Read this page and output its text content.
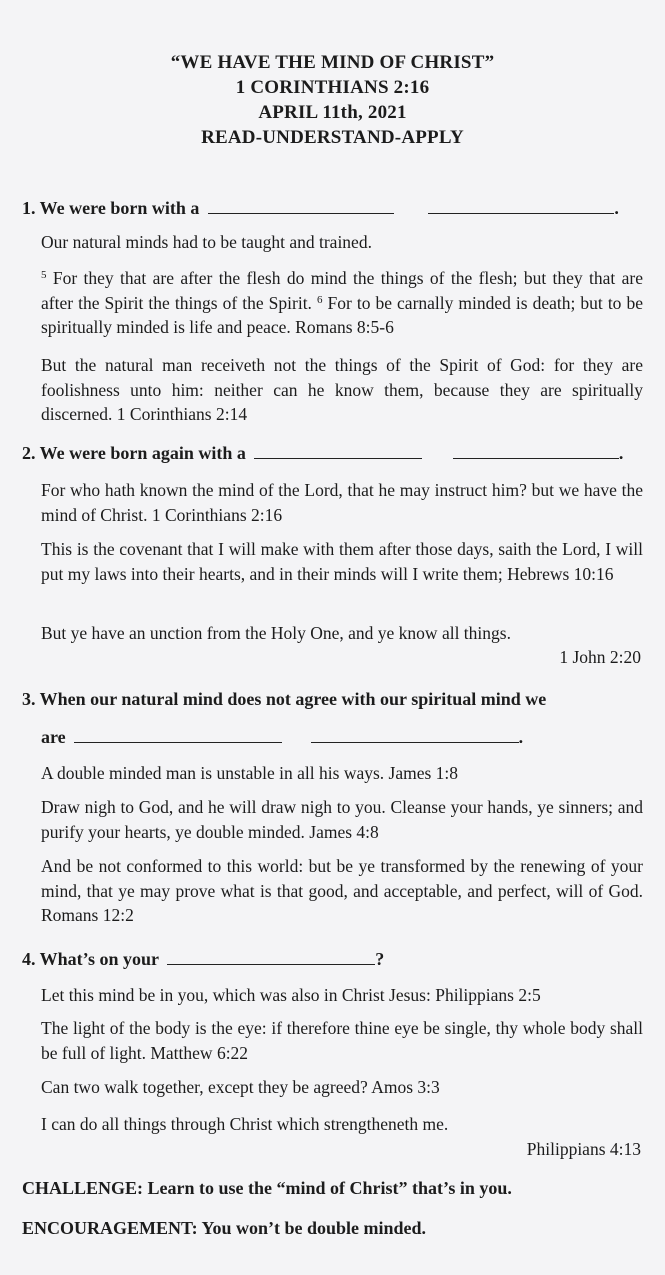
“WE HAVE THE MIND OF CHRIST”
1 CORINTHIANS 2:16
APRIL 11th, 2021
READ-UNDERSTAND-APPLY
1. We were born with a	.
Our natural minds had to be taught and trained.
$^5$ For they that are after the flesh do mind the things of the flesh; but they that are after the Spirit the things of the Spirit. $^6$ For to be carnally minded is death; but to be spiritually minded is life and peace. Romans 8:5-6
But the natural man receiveth not the things of the Spirit of God: for they are foolishness unto him: neither can he know them, because they are spiritually discerned. 1 Corinthians 2:14
2. We were born again with a	.
For who hath known the mind of the Lord, that he may instruct him? but we have the mind of Christ. 1 Corinthians 2:16
This is the covenant that I will make with them after those days, saith the Lord, I will put my laws into their hearts, and in their minds will I write them; Hebrews 10:16
But ye have an unction from the Holy One, and ye know all things.
1 John 2:20
3. When our natural mind does not agree with our spiritual mind we
are	.
A double minded man is unstable in all his ways. James 1:8
Draw nigh to God, and he will draw nigh to you. Cleanse your hands, ye sinners; and purify your hearts, ye double minded. James 4:8
And be not conformed to this world: but be ye transformed by the renewing of your mind, that ye may prove what is that good, and acceptable, and perfect, will of God. Romans 12:2
4. What’s on your	?
Let this mind be in you, which was also in Christ Jesus: Philippians 2:5
The light of the body is the eye: if therefore thine eye be single, thy whole body shall be full of light. Matthew 6:22
Can two walk together, except they be agreed? Amos 3:3
I can do all things through Christ which strengtheneth me.
Philippians 4:13
CHALLENGE: Learn to use the “mind of Christ” that’s in you.
ENCOURAGEMENT: You won’t be double minded.
